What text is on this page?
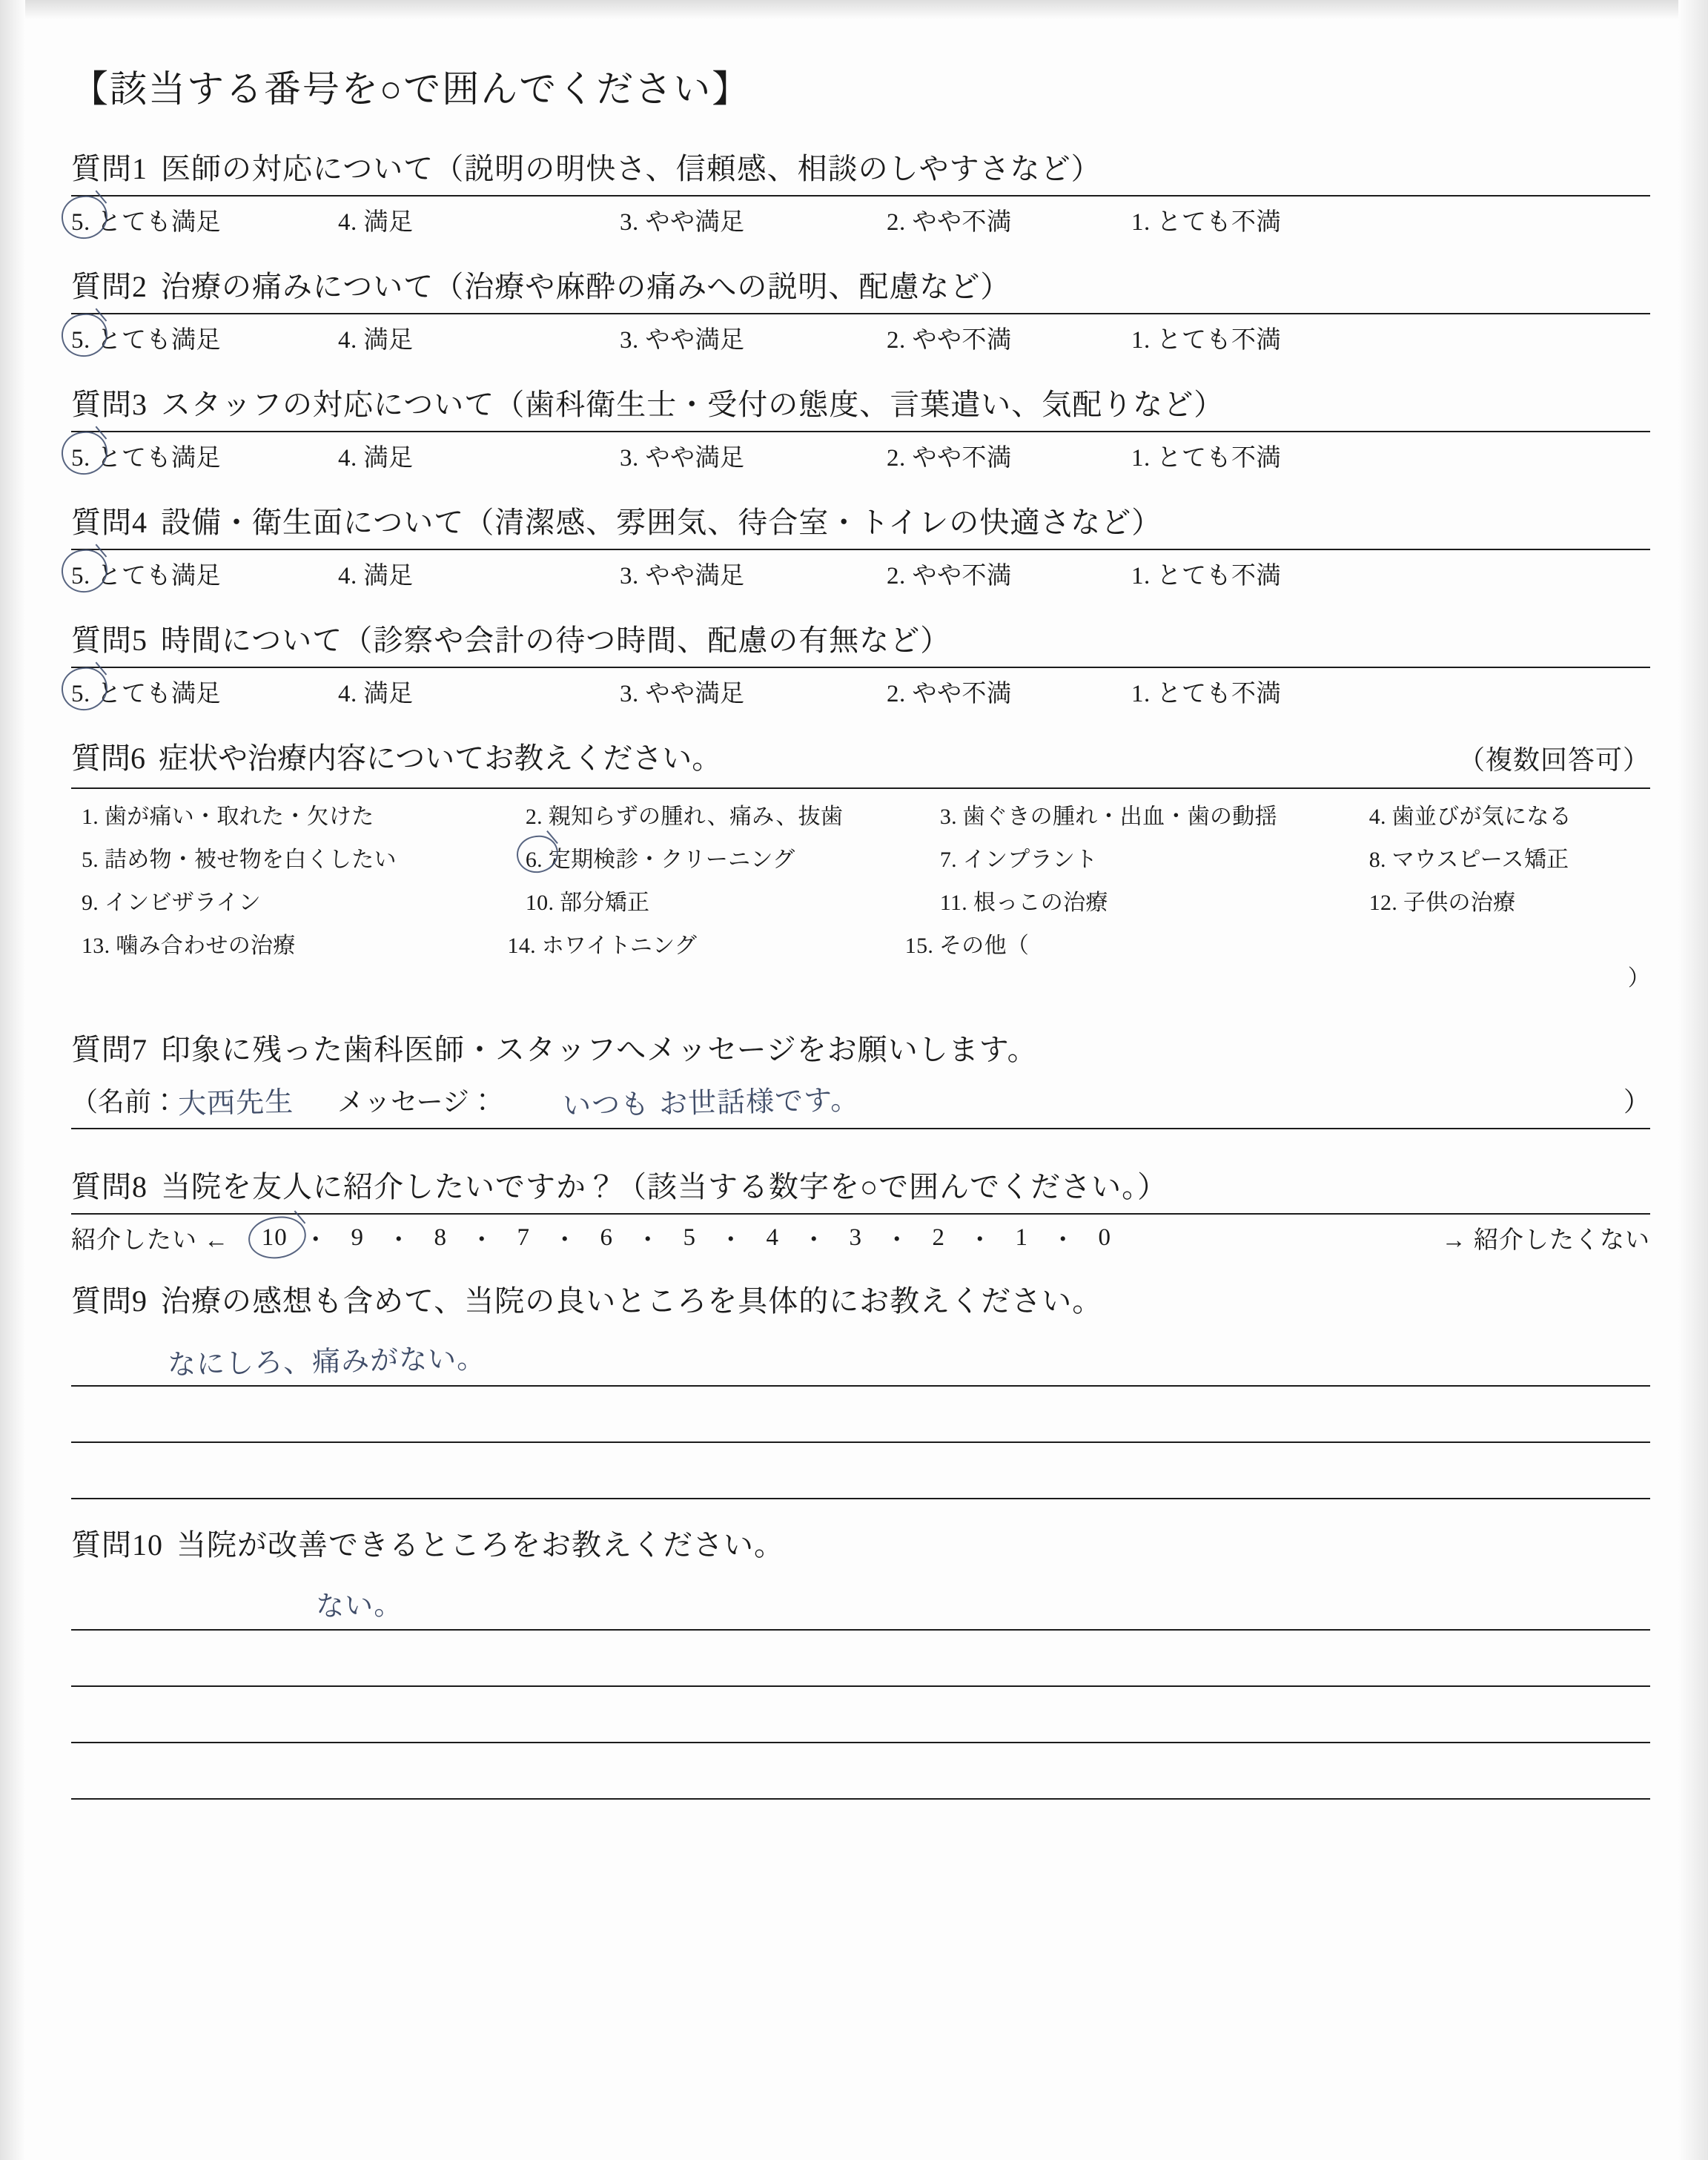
【該当する番号を○で囲んでください】
質問1 医師の対応について（説明の明快さ、信頼感、相談のしやすさなど）
5. とても満足	4. 満足	3. やや満足	2. やや不満	1. とても不満
質問2 治療の痛みについて（治療や麻酔の痛みへの説明、配慮など）
5. とても満足	4. 満足	3. やや満足	2. やや不満	1. とても不満
質問3 スタッフの対応について（歯科衛生士・受付の態度、言葉遣い、気配りなど）
5. とても満足	4. 満足	3. やや満足	2. やや不満	1. とても不満
質問4 設備・衛生面について（清潔感、雰囲気、待合室・トイレの快適さなど）
5. とても満足	4. 満足	3. やや満足	2. やや不満	1. とても不満
質問5 時間について（診察や会計の待つ時間、配慮の有無など）
5. とても満足	4. 満足	3. やや満足	2. やや不満	1. とても不満
質問6 症状や治療内容についてお教えください。	（複数回答可）
1. 歯が痛い・取れた・欠けた	2. 親知らずの腫れ、痛み、抜歯	3. 歯ぐきの腫れ・出血・歯の動揺	4. 歯並びが気になる
5. 詰め物・被せ物を白くしたい	6. 定期検診・クリーニング	7. インプラント	8. マウスピース矯正
9. インビザライン	10. 部分矯正	11. 根っこの治療	12. 子供の治療
13. 噛み合わせの治療	14. ホワイトニング	15. その他（
）
質問7 印象に残った歯科医師・スタッフへメッセージをお願いします。
（名前： 大西先生	メッセージ：	いつも お世話様です。	）
質問8 当院を友人に紹介したいですか？（該当する数字を○で囲んでください。）
紹介したい ← 10 ・ 9 ・ 8 ・ 7 ・ 6 ・ 5 ・ 4 ・ 3 ・ 2 ・ 1 ・ 0	→ 紹介したくない
質問9 治療の感想も含めて、当院の良いところを具体的にお教えください。
なにしろ、痛みがない。
質問10 当院が改善できるところをお教えください。
ない。
